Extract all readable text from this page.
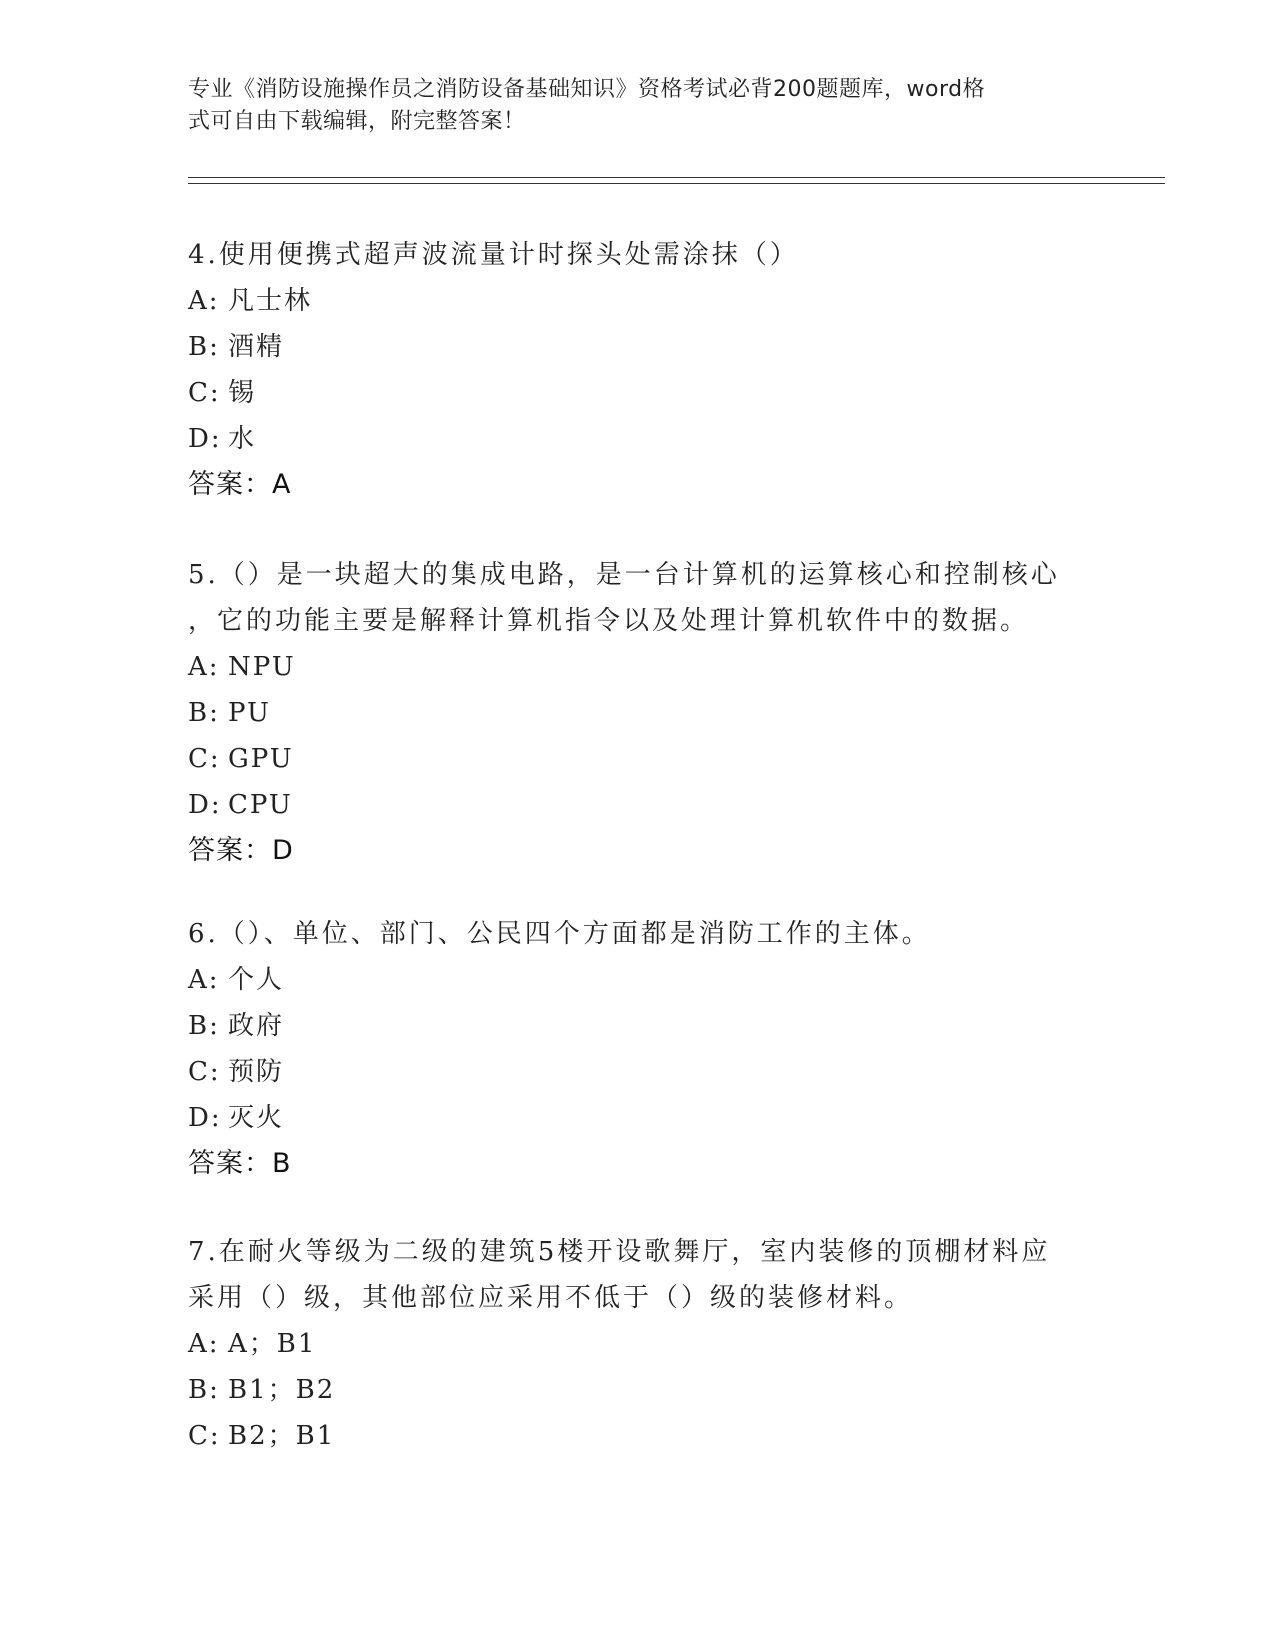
专业《消防设施操作员之消防设备基础知识》资格考试必背200题题库，word格
式可自由下载编辑，附完整答案！

4.使用便携式超声波流量计时探头处需涂抹（）

A: 凡士林

B: 酒精

C: 锡

D: 水

答案：A

5.（）是一块超大的集成电路，是一台计算机的运算核心和控制核心

，它的功能主要是解释计算机指令以及处理计算机软件中的数据。

A: NPU

B: PU

C: GPU

D: CPU

答案：D

6.（）、单位、部门、公民四个方面都是消防工作的主体。

A: 个人

B: 政府

C: 预防

D: 灭火

答案：B

7.在耐火等级为二级的建筑5楼开设歌舞厅，室内装修的顶棚材料应

采用（）级，其他部位应采用不低于（）级的装修材料。

A: A；B1

B: B1；B2

C: B2；B1
